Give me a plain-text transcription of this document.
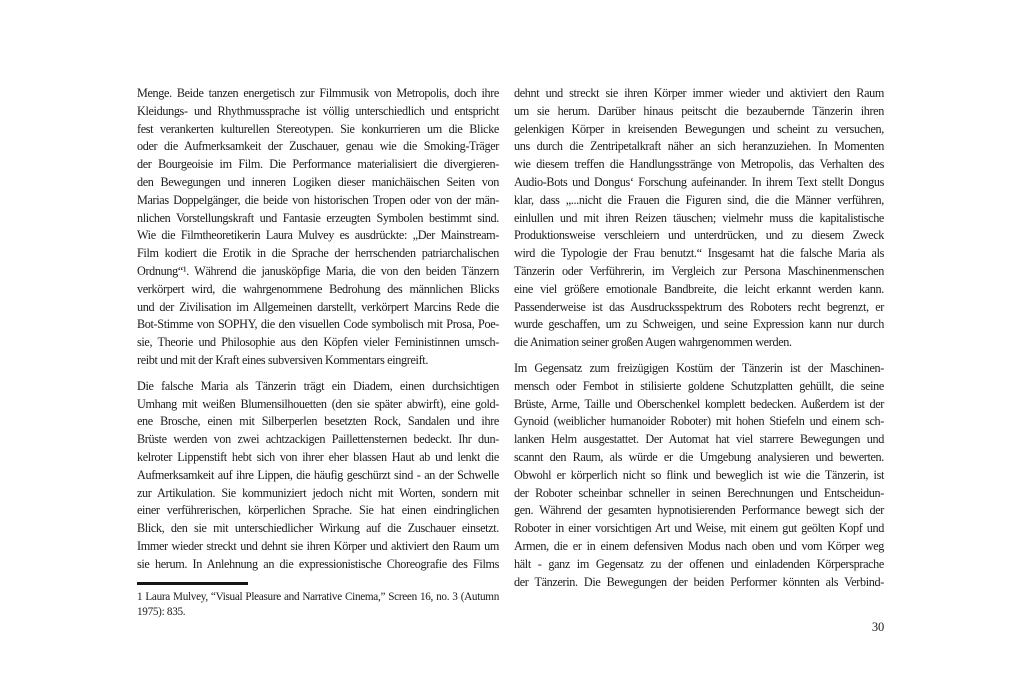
Menge. Beide tanzen energetisch zur Filmmusik von Metropolis, doch ihre
Kleidungs- und Rhythmussprache ist völlig unterschiedlich und entspricht
fest verankerten kulturellen Stereotypen. Sie konkurrieren um die Blicke
oder die Aufmerksamkeit der Zuschauer, genau wie die Smoking-Träger
der Bourgeoisie im Film. Die Performance materialisiert die divergieren-
den Bewegungen und inneren Logiken dieser manichäischen Seiten von
Marias Doppelgänger, die beide von historischen Tropen oder von der män-
nlichen Vorstellungskraft und Fantasie erzeugten Symbolen bestimmt sind.
Wie die Filmtheoretikerin Laura Mulvey es ausdrückte: „Der Mainstream-
Film kodiert die Erotik in die Sprache der herrschenden patriarchalischen
Ordnung“¹. Während die janusköpfige Maria, die von den beiden Tänzern
verkörpert wird, die wahrgenommene Bedrohung des männlichen Blicks
und der Zivilisation im Allgemeinen darstellt, verkörpert Marcins Rede die
Bot-Stimme von SOPHY, die den visuellen Code symbolisch mit Prosa, Poe-
sie, Theorie und Philosophie aus den Köpfen vieler Feministinnen umsch-
reibt und mit der Kraft eines subversiven Kommentars eingreift.
Die falsche Maria als Tänzerin trägt ein Diadem, einen durchsichtigen
Umhang mit weißen Blumensilhouetten (den sie später abwirft), eine gold-
ene Brosche, einen mit Silberperlen besetzten Rock, Sandalen und ihre
Brüste werden von zwei achtzackigen Paillettensternen bedeckt. Ihr dun-
kelroter Lippenstift hebt sich von ihrer eher blassen Haut ab und lenkt die
Aufmerksamkeit auf ihre Lippen, die häufig geschürzt sind - an der Schwelle
zur Artikulation. Sie kommuniziert jedoch nicht mit Worten, sondern mit
einer verführerischen, körperlichen Sprache. Sie hat einen eindringlichen
Blick, den sie mit unterschiedlicher Wirkung auf die Zuschauer einsetzt.
Immer wieder streckt und dehnt sie ihren Körper und aktiviert den Raum um
sie herum. In Anlehnung an die expressionistische Choreografie des Films
1 Laura Mulvey, “Visual Pleasure and Narrative Cinema,” Screen 16, no. 3 (Autumn
1975): 835.
dehnt und streckt sie ihren Körper immer wieder und aktiviert den Raum
um sie herum. Darüber hinaus peitscht die bezaubernde Tänzerin ihren
gelenkigen Körper in kreisenden Bewegungen und scheint zu versuchen,
uns durch die Zentripetalkraft näher an sich heranzuziehen. In Momenten
wie diesem treffen die Handlungsstränge von Metropolis, das Verhalten des
Audio-Bots und Dongus‘ Forschung aufeinander. In ihrem Text stellt Dongus
klar, dass „...nicht die Frauen die Figuren sind, die die Männer verführen,
einlullen und mit ihren Reizen täuschen; vielmehr muss die kapitalistische
Produktionsweise verschleiern und unterdrücken, und zu diesem Zweck
wird die Typologie der Frau benutzt.“ Insgesamt hat die falsche Maria als
Tänzerin oder Verführerin, im Vergleich zur Persona Maschinenmenschen
eine viel größere emotionale Bandbreite, die leicht erkannt werden kann.
Passenderweise ist das Ausdrucksspektrum des Roboters recht begrenzt, er
wurde geschaffen, um zu Schweigen, und seine Expression kann nur durch
die Animation seiner großen Augen wahrgenommen werden.
Im Gegensatz zum freizügigen Kostüm der Tänzerin ist der Maschinen-
mensch oder Fembot in stilisierte goldene Schutzplatten gehüllt, die seine
Brüste, Arme, Taille und Oberschenkel komplett bedecken. Außerdem ist der
Gynoid (weiblicher humanoider Roboter) mit hohen Stiefeln und einem sch-
lanken Helm ausgestattet. Der Automat hat viel starrere Bewegungen und
scannt den Raum, als würde er die Umgebung analysieren und bewerten.
Obwohl er körperlich nicht so flink und beweglich ist wie die Tänzerin, ist
der Roboter scheinbar schneller in seinen Berechnungen und Entscheidun-
gen. Während der gesamten hypnotisierenden Performance bewegt sich der
Roboter in einer vorsichtigen Art und Weise, mit einem gut geölten Kopf und
Armen, die er in einem defensiven Modus nach oben und vom Körper weg
hält - ganz im Gegensatz zu der offenen und einladenden Körpersprache
der Tänzerin. Die Bewegungen der beiden Performer könnten als Verbind-
30
